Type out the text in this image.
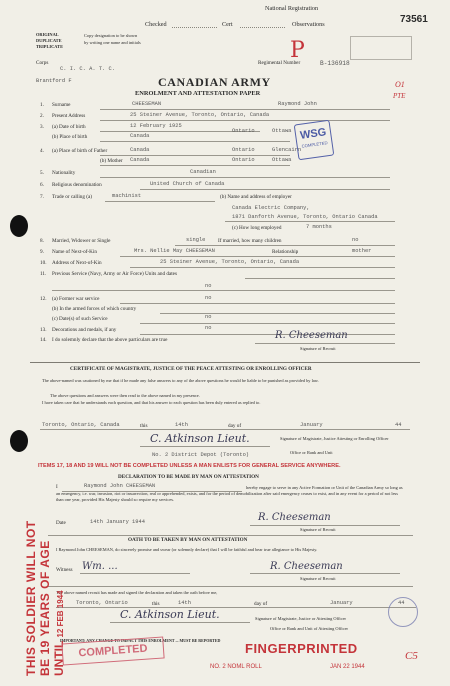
National Registration
Checked	Cert	Observations	73561
ORIGINAL
DUPLICATE
TRIPLICATE
Copy designation to be shown
by writing one name and initials	P
Corps
C. I. C. A. T. C.
Brantford F
Regimental Number	B-136918
O1
PTE
CANADIAN ARMY
ENROLMENT AND ATTESTATION PAPER
1. Surname	CHEESEMAN	Raymond John
2. Present Address	25 Steiner Avenue, Toronto, Ontario, Canada
3. (a) Date of birth	12 February 1925
(b) Place of birth	Canada
Ontario	Ottawa
4. (a) Place of birth of Father	Canada	Ontario	Glencairn
(b) Mother Canada	Ontario	Ottawa
WSG
COMPLETED
5. Nationality	Canadian
6. Religious denomination	United Church of Canada
7. Trade or calling (a)	machinist	(b) Name and address of employer
Canada Electric Company,
1871 Danforth Avenue, Toronto, Ontario Canada
(c) How long employed	7 months
8. Married, Widower or Single	single If married, how many children	no
9. Name of Next-of-Kin	Mrs. Nellie May CHEESEMAN	Relationship	mother
10. Address of Next-of-Kin	25 Steiner Avenue, Toronto, Ontario, Canada
11. Previous Service (Navy, Army or Air Force) Units and dates
no
12. (a) Former war service	no
(b) In the armed forces of which country
(c) Date(s) of such Service	no
13. Decorations and medals, if any	no
14. I do solemnly declare that the above particulars are true	R. Cheeseman
Signature of Recruit
CERTIFICATE OF MAGISTRATE, JUSTICE OF THE PEACE ATTESTING OR ENROLLING OFFICER
The above-named was cautioned by me that if he made any false answers to any of the above questions he would be liable to be punished as provided by law.
The above questions and answers were then read to the above named in my presence.
I have taken care that he understands each question, and that his answer to each question has been duly entered as replied to.
Toronto, Ontario, Canada	this	14th	day of	January	44
C. Atkinson Lieut.	Signature of Magistrate, Justice Attesting or Enrolling Officer
Office or Rank and Unit
No. 2 District Depot (Toronto)
ITEMS 17, 18 AND 19 WILL NOT BE COMPLETED UNLESS A MAN ENLISTS FOR GENERAL SERVICE ANYWHERE.
DECLARATION TO BE MADE BY MAN ON ATTESTATION
I	Raymond John CHEESEMAN	hereby engage to serve in any Active Formation or Unit of the Canadian Army so long as an emergency, i.e. war, invasion, riot or insurrection, real or apprehended, exists, and for the period of demobilization after said emergency ceases to exist, and in any event for a period of not less than one year, provided His Majesty should so require my services.
Date	14th January 1944	R. Cheeseman
Signature of Recruit
OATH TO BE TAKEN BY MAN ON ATTESTATION
I Raymond John CHEESEMAN, do sincerely promise and swear (or solemnly declare) that I will be faithful and bear true allegiance to His Majesty.
Witness Wm. ...	R. Cheeseman
Signature of Recruit
The above named recruit has made and signed the declaration and taken the oath before me,
Toronto, Ontario	this	14th	day of	January	44
C. Atkinson Lieut.	Signature of Magistrate, Justice or Attesting Officer
Office or Rank and Unit of Attesting Officer
IMPORTANT: ANY CHANGE TO IMPACT THIS ENROLMENT ... MUST BE REPORTED
THIS SOLDIER WILL NOT BE 19 YEARS OF AGE UNTIL 12 FEB 1944
FINGERPRINTED
NO. 2 NOML ROLL	JAN 22 1944
COMPLETED	C5
